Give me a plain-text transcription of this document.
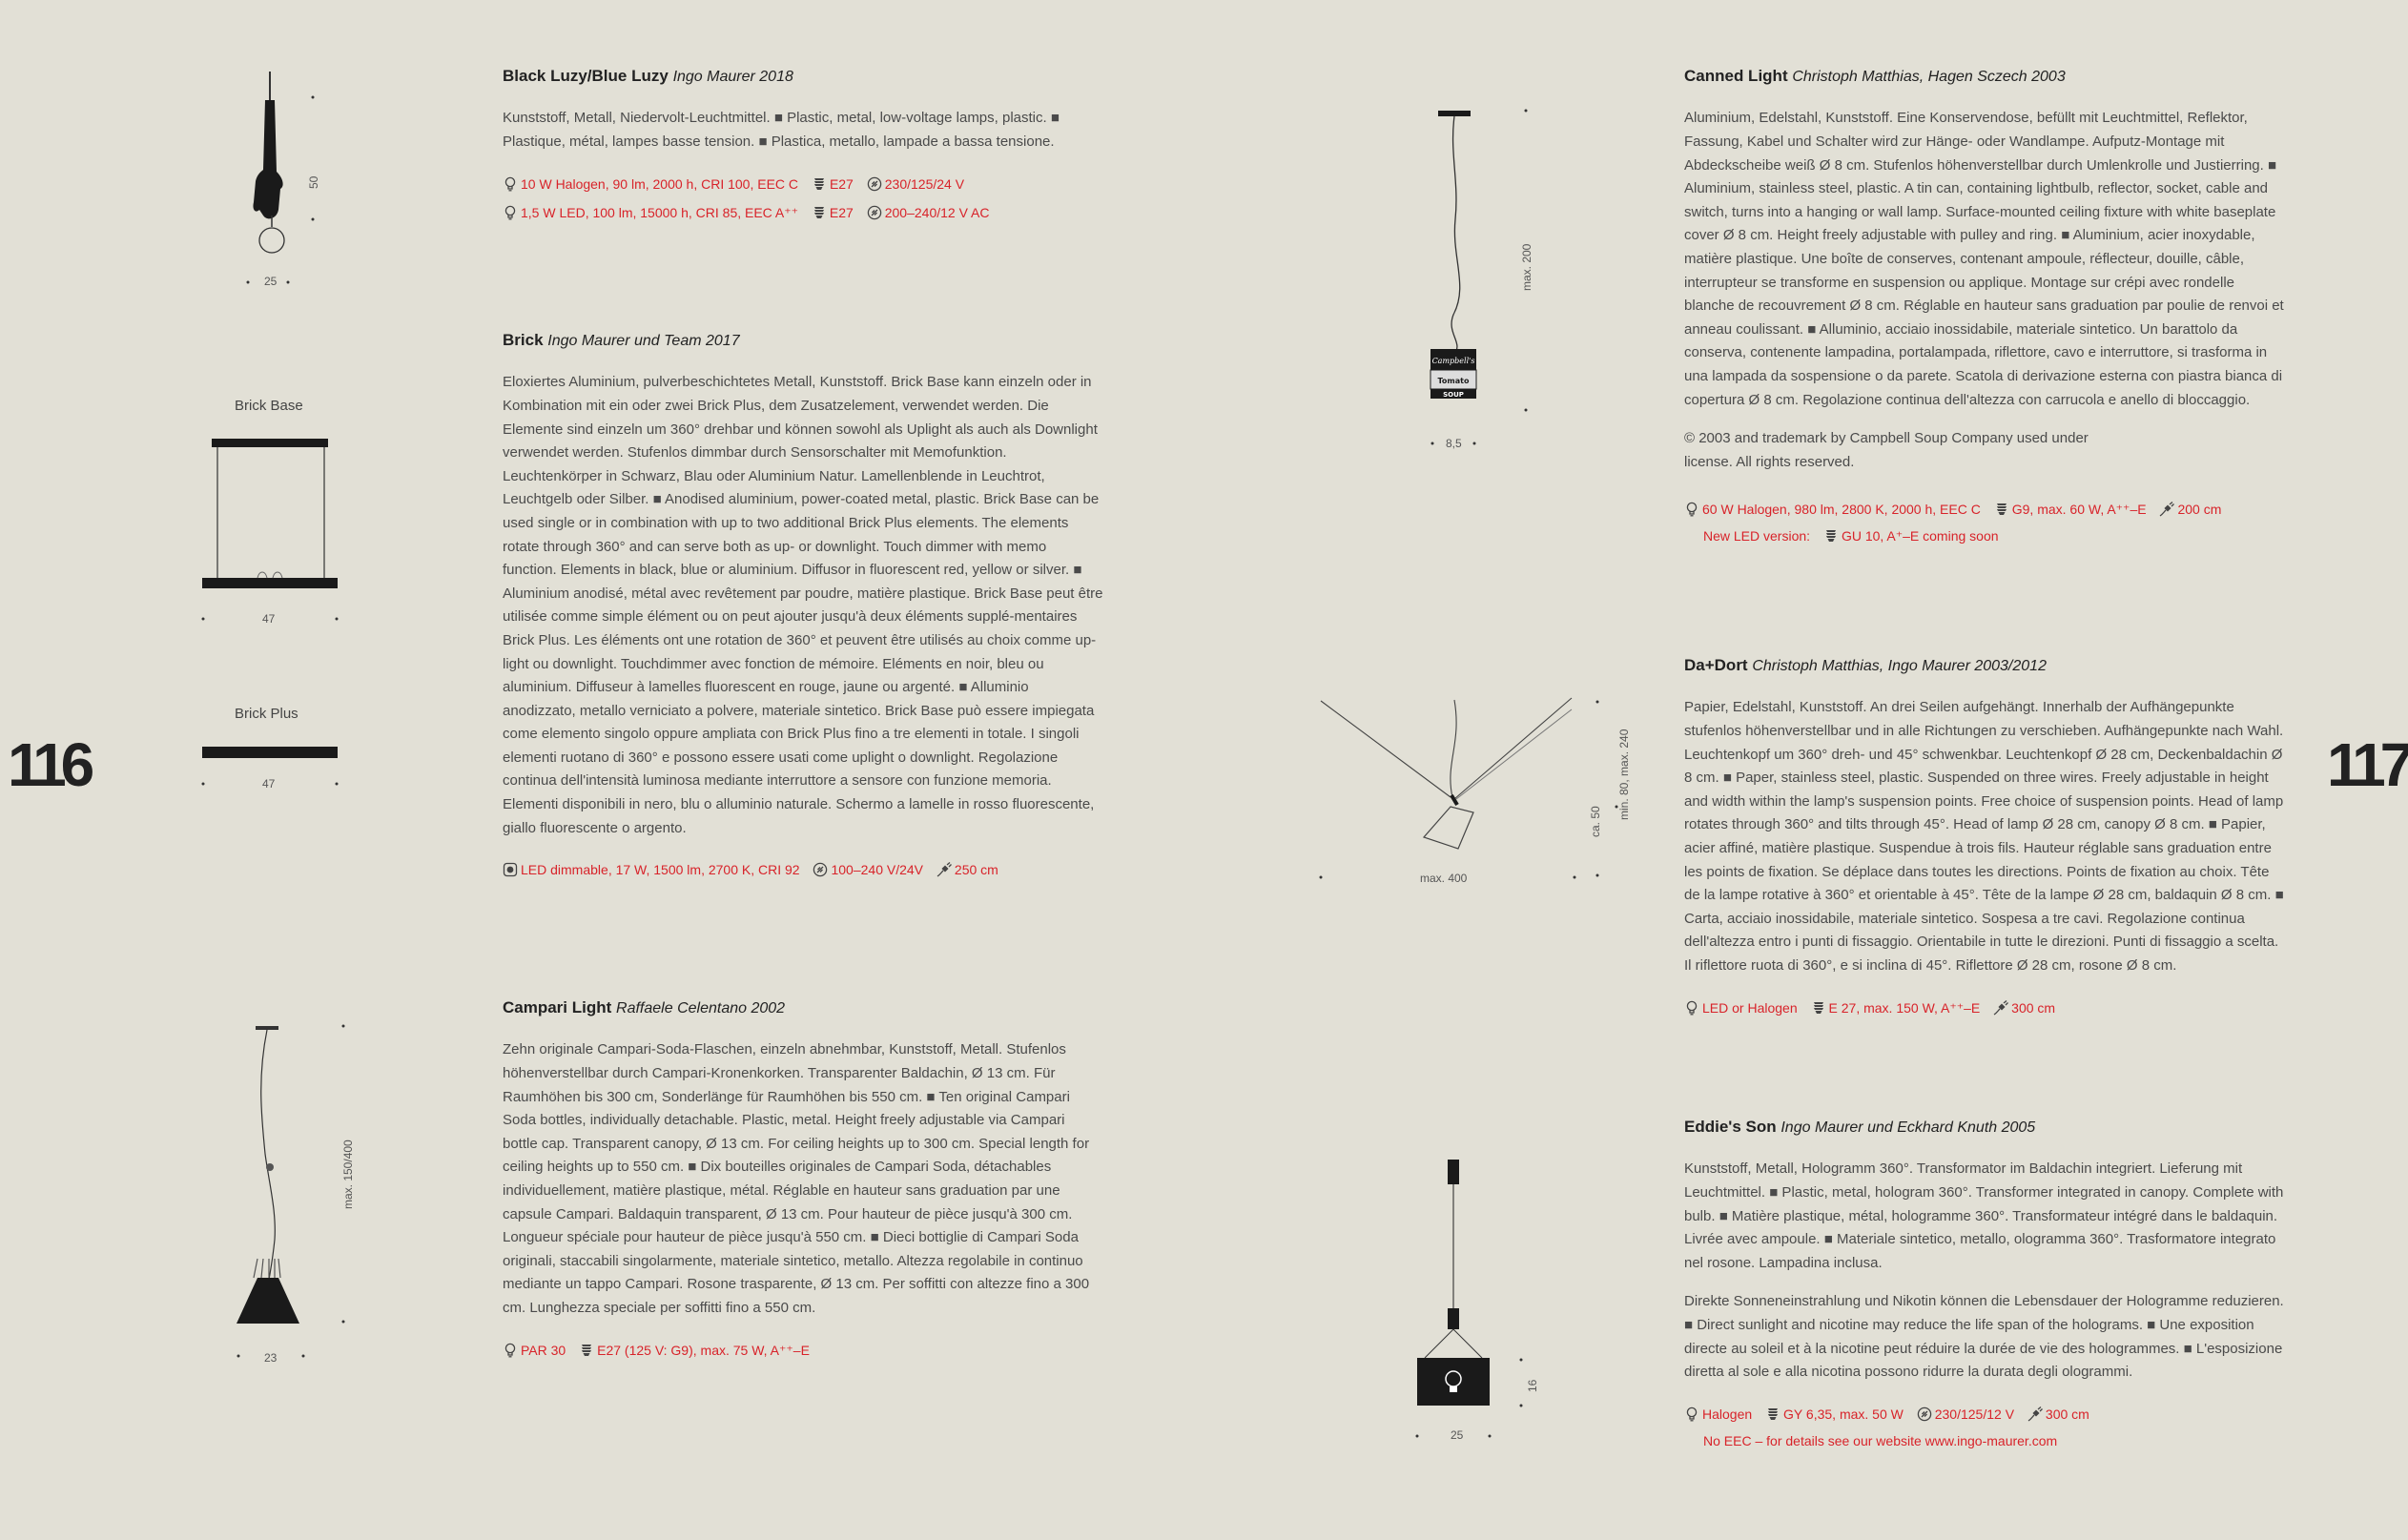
116	117

Black Luzy/Blue Luzy Ingo Maurer 2018

Kunststoff, Metall, Niedervolt-Leuchtmittel. ■ Plastic, metal, low-voltage lamps, plastic. ■ Plastique, métal, lampes basse tension. ■ Plastica, metallo, lampade a bassa tensione.

10 W Halogen, 90 lm, 2000 h, CRI 100, EEC C E27 230/125/24 V
1,5 W LED, 100 lm, 15000 h, CRI 85, EEC A⁺⁺ E27 200–240/12 V AC
50
25

Brick Ingo Maurer und Team 2017

Eloxiertes Aluminium, pulverbeschichtetes Metall, Kunststoff. Brick Base kann einzeln oder in Kombination mit ein oder zwei Brick Plus, dem Zusatzelement, verwendet werden. Die Elemente sind einzeln um 360° drehbar und können sowohl als Uplight als auch als Downlight verwendet werden. Stufenlos dimmbar durch Sensorschalter mit Memofunktion. Leuchtenkörper in Schwarz, Blau oder Aluminium Natur. Lamellenblende in Leuchtrot, Leuchtgelb oder Silber. ■ Anodised aluminium, power-coated metal, plastic. Brick Base can be used single or in combination with up to two additional Brick Plus elements. The elements rotate through 360° and can serve both as up- or downlight. Touch dimmer with memo function. Elements in black, blue or aluminium. Diffusor in fluorescent red, yellow or silver. ■ Aluminium anodisé, métal avec revêtement par poudre, matière plastique. Brick Base peut être utilisée comme simple élément ou on peut ajouter jusqu'à deux éléments supplé-mentaires Brick Plus. Les éléments ont une rotation de 360° et peuvent être utilisés au choix comme up-light ou downlight. Touchdimmer avec fonction de mémoire. Eléments en noir, bleu ou aluminium. Diffuseur à lamelles fluorescent en rouge, jaune ou argenté. ■ Alluminio anodizzato, metallo verniciato a polvere, materiale sintetico. Brick Base può essere impiegata come elemento singolo oppure ampliata con Brick Plus fino a tre elementi in totale. I singoli elementi ruotano di 360° e possono essere usati come uplight o downlight. Regolazione continua dell'intensità luminosa mediante interruttore a sensore con funzione memoria. Elementi disponibili in nero, blu o alluminio naturale. Schermo a lamelle in rosso fluorescente, giallo fluorescente o argento.

LED dimmable, 17 W, 1500 lm, 2700 K, CRI 92 100–240 V/24V 250 cm
Brick Base
47
Brick Plus
47

Campari Light Raffaele Celentano 2002

Zehn originale Campari-Soda-Flaschen, einzeln abnehmbar, Kunststoff, Metall. Stufenlos höhenverstellbar durch Campari-Kronenkorken. Transparenter Baldachin, Ø 13 cm. Für Raumhöhen bis 300 cm, Sonderlänge für Raumhöhen bis 550 cm. ■ Ten original Campari Soda bottles, individually detachable. Plastic, metal. Height freely adjustable via Campari bottle cap. Transparent canopy, Ø 13 cm. For ceiling heights up to 300 cm. Special length for ceiling heights up to 550 cm. ■ Dix bouteilles originales de Campari Soda, détachables individuellement, matière plastique, métal. Réglable en hauteur sans graduation par une capsule Campari. Baldaquin transparent, Ø 13 cm. Pour hauteur de pièce jusqu'à 300 cm. Longueur spéciale pour hauteur de pièce jusqu'à 550 cm. ■ Dieci bottiglie di Campari Soda originali, staccabili singolarmente, materiale sintetico, metallo. Altezza regolabile in continuo mediante un tappo Campari. Rosone trasparente, Ø 13 cm. Per soffitti con altezze fino a 300 cm. Lunghezza speciale per soffitti fino a 550 cm.

PAR 30 E27 (125 V: G9), max. 75 W, A⁺⁺–E
max. 150/400
23

Canned Light Christoph Matthias, Hagen Sczech 2003

Aluminium, Edelstahl, Kunststoff. Eine Konservendose, befüllt mit Leuchtmittel, Reflektor, Fassung, Kabel und Schalter wird zur Hänge- oder Wandlampe. Aufputz-Montage mit Abdeckscheibe weiß Ø 8 cm. Stufenlos höhenverstellbar durch Umlenkrolle und Justierring. ■ Aluminium, stainless steel, plastic. A tin can, containing lightbulb, reflector, socket, cable and switch, turns into a hanging or wall lamp. Surface-mounted ceiling fixture with white baseplate cover Ø 8 cm. Height freely adjustable with pulley and ring. ■ Aluminium, acier inoxydable, matière plastique. Une boîte de conserves, contenant ampoule, réflecteur, douille, câble, interrupteur se transforme en suspension ou applique. Montage sur crépi avec rondelle blanche de recouvrement Ø 8 cm. Réglable en hauteur sans graduation par poulie de renvoi et anneau coulissant. ■ Alluminio, acciaio inossidabile, materiale sintetico. Un barattolo da conserva, contenente lampadina, portalampada, riflettore, cavo e interruttore, si trasforma in una lampada da sospensione o da parete. Scatola di derivazione esterna con piastra bianca di copertura Ø 8 cm. Regolazione continua dell'altezza con carrucola e anello di bloccaggio.

© 2003 and trademark by Campbell Soup Company used under license. All rights reserved.

60 W Halogen, 980 lm, 2800 K, 2000 h, EEC C G9, max. 60 W, A⁺⁺–E 200 cm
New LED version: GU 10, A⁺–E coming soon
Campbell's
Tomato
SOUP
max. 200
8,5

Da+Dort Christoph Matthias, Ingo Maurer 2003/2012

Papier, Edelstahl, Kunststoff. An drei Seilen aufgehängt. Innerhalb der Aufhängepunkte stufenlos höhenverstellbar und in alle Richtungen zu verschieben. Aufhängepunkte nach Wahl. Leuchtenkopf um 360° dreh- und 45° schwenkbar. Leuchtenkopf Ø 28 cm, Deckenbaldachin Ø 8 cm. ■ Paper, stainless steel, plastic. Suspended on three wires. Freely adjustable in height and width within the lamp's suspension points. Free choice of suspension points. Head of lamp rotates through 360° and tilts through 45°. Head of lamp Ø 28 cm, canopy Ø 8 cm. ■ Papier, acier affiné, matière plastique. Suspendue à trois fils. Hauteur réglable sans graduation entre les points de fixation. Se déplace dans toutes les directions. Points de fixation au choix. Tête de la lampe rotative à 360° et orientable à 45°. Tête de la lampe Ø 28 cm, baldaquin Ø 8 cm. ■ Carta, acciaio inossidabile, materiale sintetico. Sospesa a tre cavi. Regolazione continua dell'altezza entro i punti di fissaggio. Orientabile in tutte le direzioni. Punti di fissaggio a scelta. Il riflettore ruota di 360°, e si inclina di 45°. Riflettore Ø 28 cm, rosone Ø 8 cm.

LED or Halogen E 27, max. 150 W, A⁺⁺–E 300 cm
min. 80, max. 240
ca. 50
max. 400

Eddie's Son Ingo Maurer und Eckhard Knuth 2005

Kunststoff, Metall, Hologramm 360°. Transformator im Baldachin integriert. Lieferung mit Leuchtmittel. ■ Plastic, metal, hologram 360°. Transformer integrated in canopy. Complete with bulb. ■ Matière plastique, métal, hologramme 360°. Transformateur intégré dans le baldaquin. Livrée avec ampoule. ■ Materiale sintetico, metallo, ologramma 360°. Trasformatore integrato nel rosone. Lampadina inclusa.

Direkte Sonneneinstrahlung und Nikotin können die Lebensdauer der Hologramme reduzieren. ■ Direct sunlight and nicotine may reduce the life span of the holograms. ■ Une exposition directe au soleil et à la nicotine peut réduire la durée de vie des hologrammes. ■ L'esposizione diretta al sole e alla nicotina possono ridurre la durata degli ologrammi.

Halogen GY 6,35, max. 50 W 230/125/12 V 300 cm
No EEC – for details see our website www.ingo-maurer.com
16
25
